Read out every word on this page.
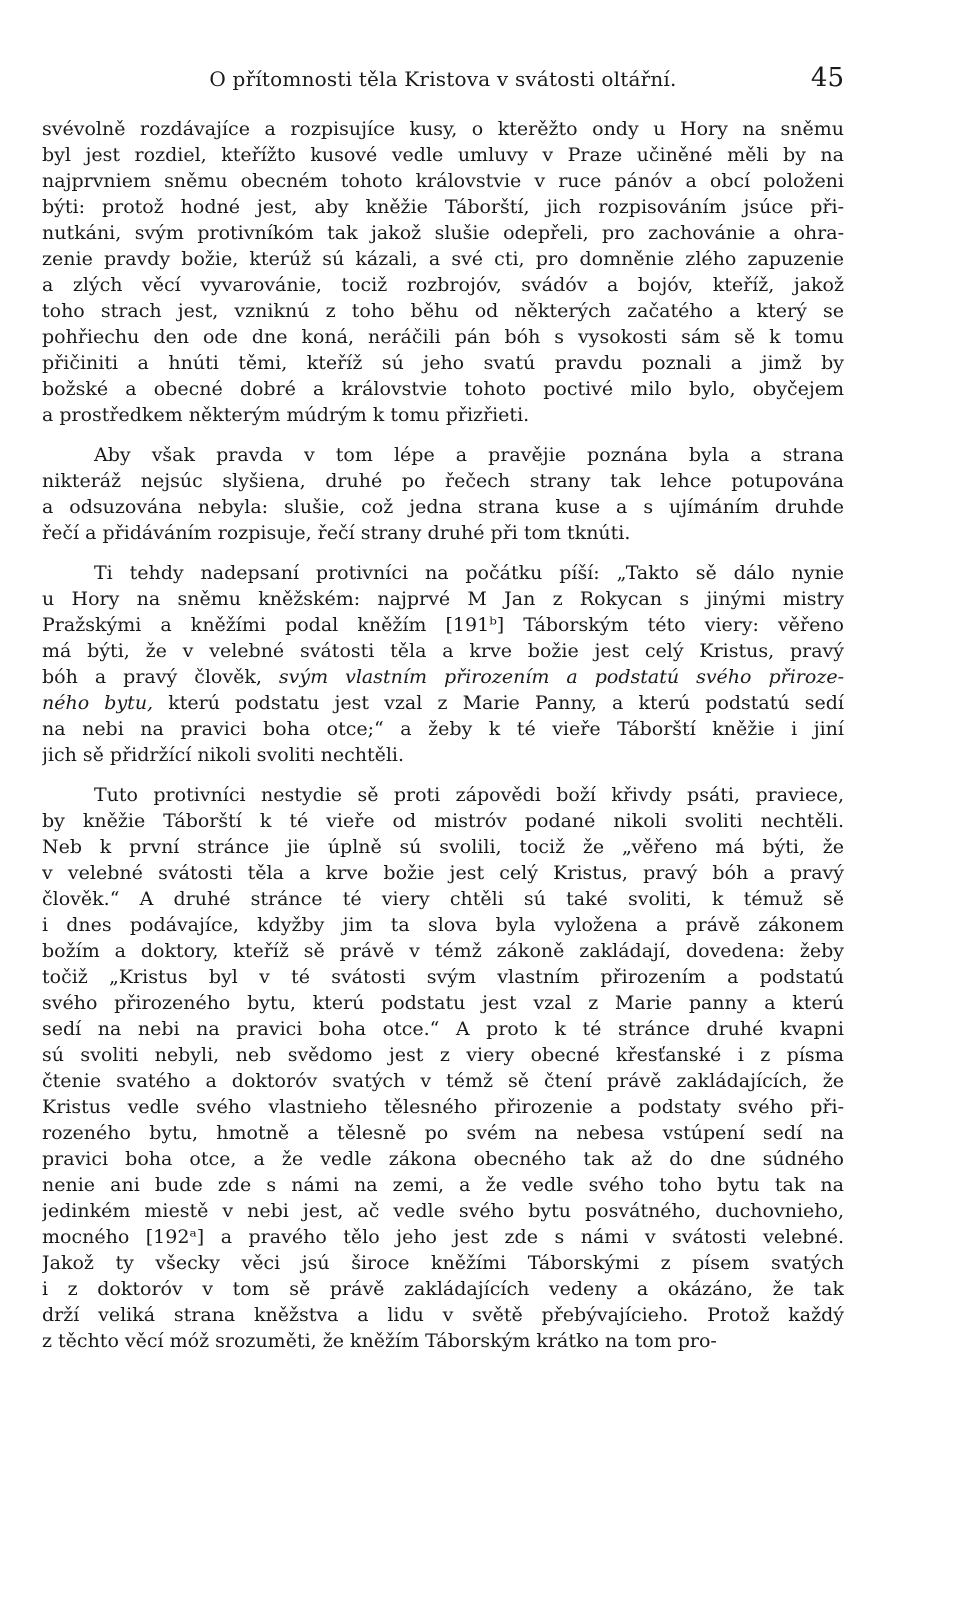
O přítomnosti těla Kristova v svátosti oltářní.	45
svévolně rozdávajíce a rozpisujíce kusy, o kterěžto ondy u Hory na sněmu
byl jest rozdiel, kteřížto kusové vedle umluvy v Praze učiněné měli by na
najprvniem sněmu obecném tohoto královstvie v ruce pánóv a obcí položeni
býti: protož hodné jest, aby kněžie Táborští, jich rozpisováním jsúce při-
nutkáni, svým protivníkóm tak jakož slušie odepřeli, pro zachovánie a ohra-
zenie pravdy božie, kterúž sú kázali, a své cti, pro domněnie zlého zapuzenie
a zlých věcí vyvarovánie, tociž rozbrojóv, svádóv a bojóv, kteříž, jakož
toho strach jest, vzniknú z toho běhu od některých začatého a který se
pohřiechu den ode dne koná, neráčili pán bóh s vysokosti sám sě k tomu
přičiniti a hnúti těmi, kteříž sú jeho svatú pravdu poznali a jimž by
božské a obecné dobré a královstvie tohoto poctivé milo bylo, obyčejem
a prostředkem některým múdrým k tomu přizřieti.
Aby však pravda v tom lépe a pravějie poznána byla a strana
nikteráž nejsúc slyšiena, druhé po řečech strany tak lehce potupována
a odsuzována nebyla: slušie, což jedna strana kuse a s ujímáním druhde
řečí a přidáváním rozpisuje, řečí strany druhé při tom tknúti.
Ti tehdy nadepsaní protivníci na počátku píší: „Takto sě dálo nynie
u Hory na sněmu kněžském: najprvé M Jan z Rokycan s jinými mistry
Pražskými a kněžími podal kněžím [191ᵇ] Táborským této viery: věřeno
má býti, že v velebné svátosti těla a krve božie jest celý Kristus, pravý
bóh a pravý člověk, svým vlastním přirozením a podstatú svého přiroze-
ného bytu, kterú podstatu jest vzal z Marie Panny, a kterú podstatú sedí
na nebi na pravici boha otce;“ a žeby k té vieře Táborští kněžie i jiní
jich sě přidržící nikoli svoliti nechtěli.
Tuto protivníci nestydie sě proti zápovědi boží křivdy psáti, praviece,
by kněžie Táborští k té vieře od mistróv podané nikoli svoliti nechtěli.
Neb k první stránce jie úplně sú svolili, tociž že „věřeno má býti, že
v velebné svátosti těla a krve božie jest celý Kristus, pravý bóh a pravý
člověk.“ A druhé stránce té viery chtěli sú také svoliti, k témuž sě
i dnes podávajíce, kdyžby jim ta slova byla vyložena a právě zákonem
božím a doktory, kteříž sě právě v témž zákoně zakládají, dovedena: žeby
točiž „Kristus byl v té svátosti svým vlastním přirozením a podstatú
svého přirozeného bytu, kterú podstatu jest vzal z Marie panny a kterú
sedí na nebi na pravici boha otce.“ A proto k té stránce druhé kvapni
sú svoliti nebyli, neb svědomo jest z viery obecné křesťanské i z písma
čtenie svatého a doktoróv svatých v témž sě čtení právě zakládajících, že
Kristus vedle svého vlastnieho tělesného přirozenie a podstaty svého při-
rozeného bytu, hmotně a tělesně po svém na nebesa vstúpení sedí na
pravici boha otce, a že vedle zákona obecného tak až do dne súdného
nenie ani bude zde s námi na zemi, a že vedle svého toho bytu tak na
jedinkém miestě v nebi jest, ač vedle svého bytu posvátného, duchovnieho,
mocného [192ᵃ] a pravého tělo jeho jest zde s námi v svátosti velebné.
Jakož ty všecky věci jsú široce kněžími Táborskými z písem svatých
i z doktoróv v tom sě právě zakládajících vedeny a okázáno, že tak
drží veliká strana kněžstva a lidu v světě přebývajícieho. Protož každý
z těchto věcí móž srozuměti, že kněžím Táborským krátko na tom pro-
